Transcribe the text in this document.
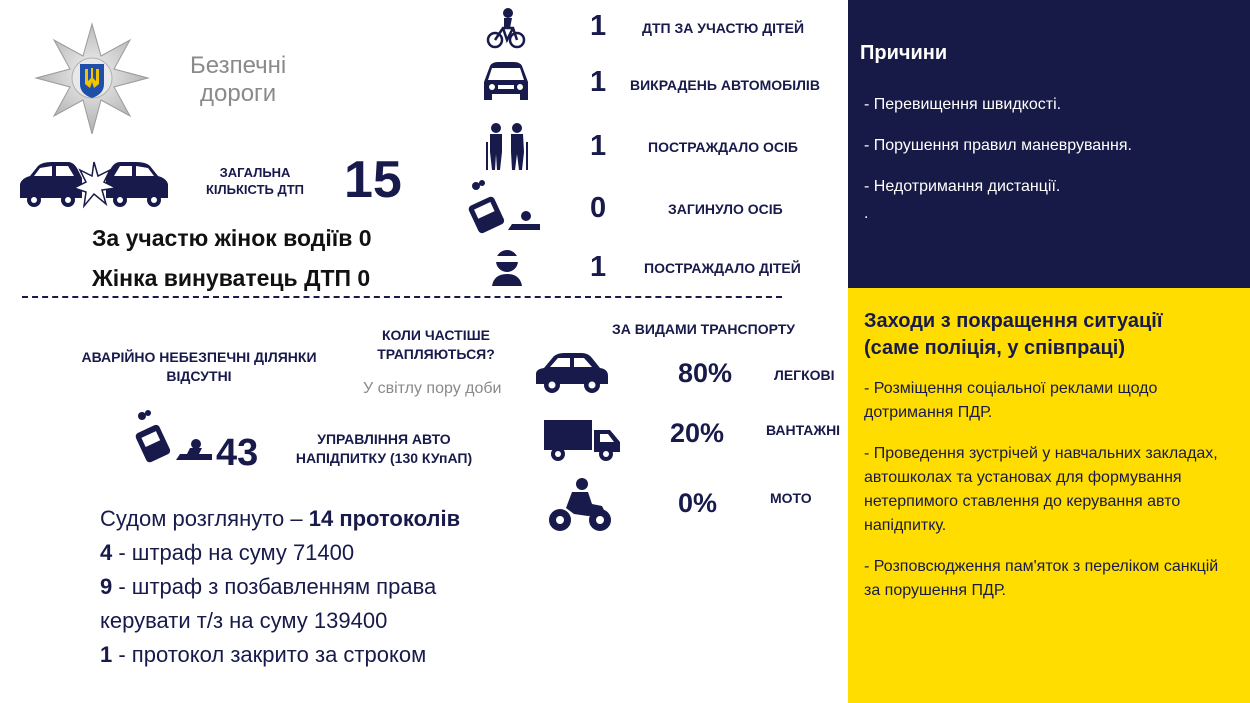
Безпечні
дороги
ЗАГАЛЬНА
КІЛЬКІСТЬ ДТП 15
За участю жінок водіїв 0
Жінка винуватець ДТП 0
1
1
1
0
1
ДТП ЗА УЧАСТЮ ДІТЕЙ
ВИКРАДЕНЬ АВТОМОБІЛІВ
ПОСТРАЖДАЛО ОСІБ
ЗАГИНУЛО ОСІБ
ПОСТРАЖДАЛО ДІТЕЙ
АВАРІЙНО НЕБЕЗПЕЧНІ ДІЛЯНКИ
ВІДСУТНІ
КОЛИ ЧАСТІШЕ
ТРАПЛЯЮТЬСЯ?
У світлу пору доби
43	УПРАВЛІННЯ АВТО
НАПІДПИТКУ (130 КУпАП)
Судом розглянуто – 14 протоколів
4 - штраф на суму 71400
9 - штраф з позбавленням права
керувати т/з на суму 139400
1 - протокол закрито за строком
ЗА ВИДАМИ ТРАНСПОРТУ
80%
20%
0%
ЛЕГКОВІ
ВАНТАЖНІ
МОТО
Причини
- Перевищення швидкості.
- Порушення правил маневрування.
- Недотримання дистанції.
.
Заходи з покращення ситуації
(саме поліція, у співпраці)
- Розміщення соціальної реклами щодо дотримання ПДР.
- Проведення зустрічей у навчальних закладах, автошколах та установах для формування нетерпимого ставлення до керування авто напідпитку.
- Розповсюдження пам'яток з переліком санкцій за порушення ПДР.
